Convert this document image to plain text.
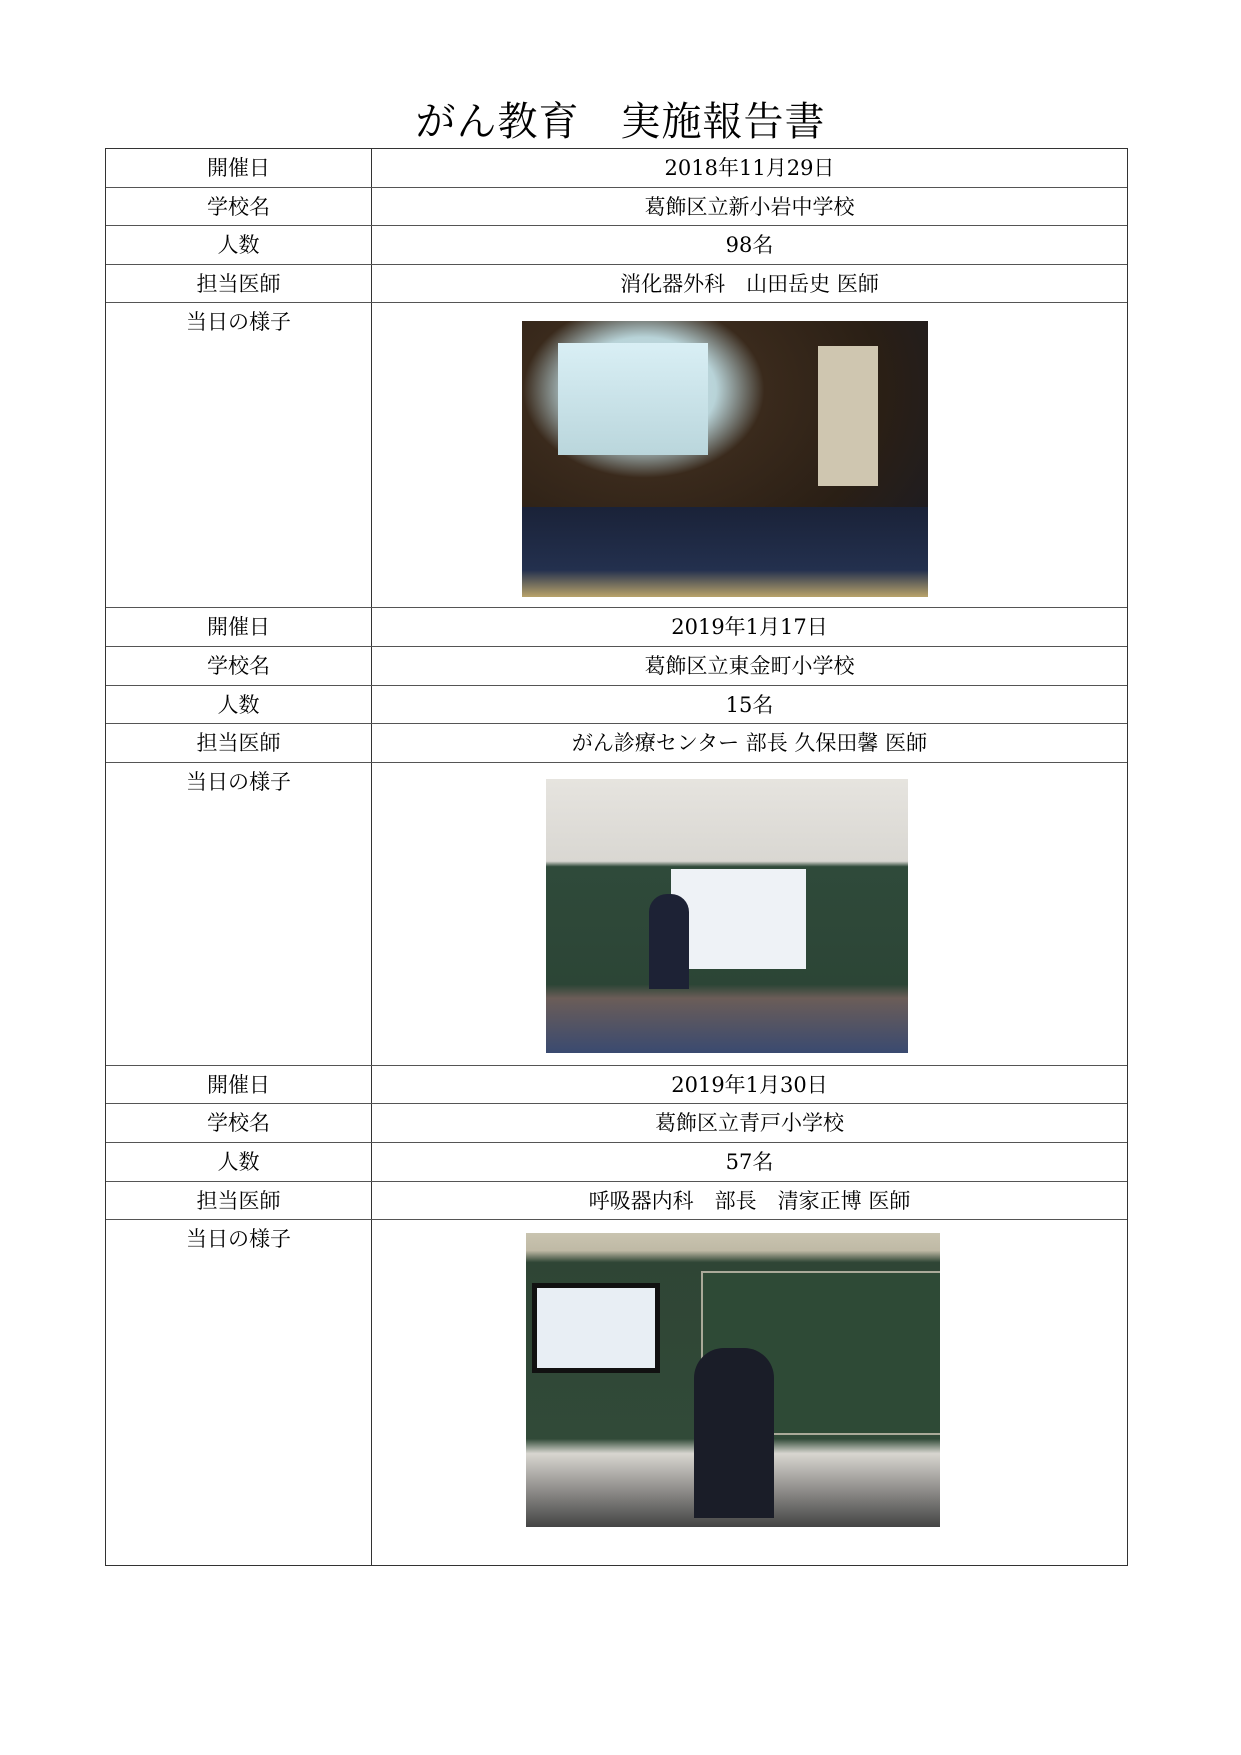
がん教育　実施報告書
開催日	2018年11月29日
学校名	葛飾区立新小岩中学校
人数	98名
担当医師	消化器外科　山田岳史 医師
当日の様子
開催日	2019年1月17日
学校名	葛飾区立東金町小学校
人数	15名
担当医師	がん診療センター 部長 久保田馨 医師
当日の様子
開催日	2019年1月30日
学校名	葛飾区立青戸小学校
人数	57名
担当医師	呼吸器内科　部長　清家正博 医師
当日の様子
